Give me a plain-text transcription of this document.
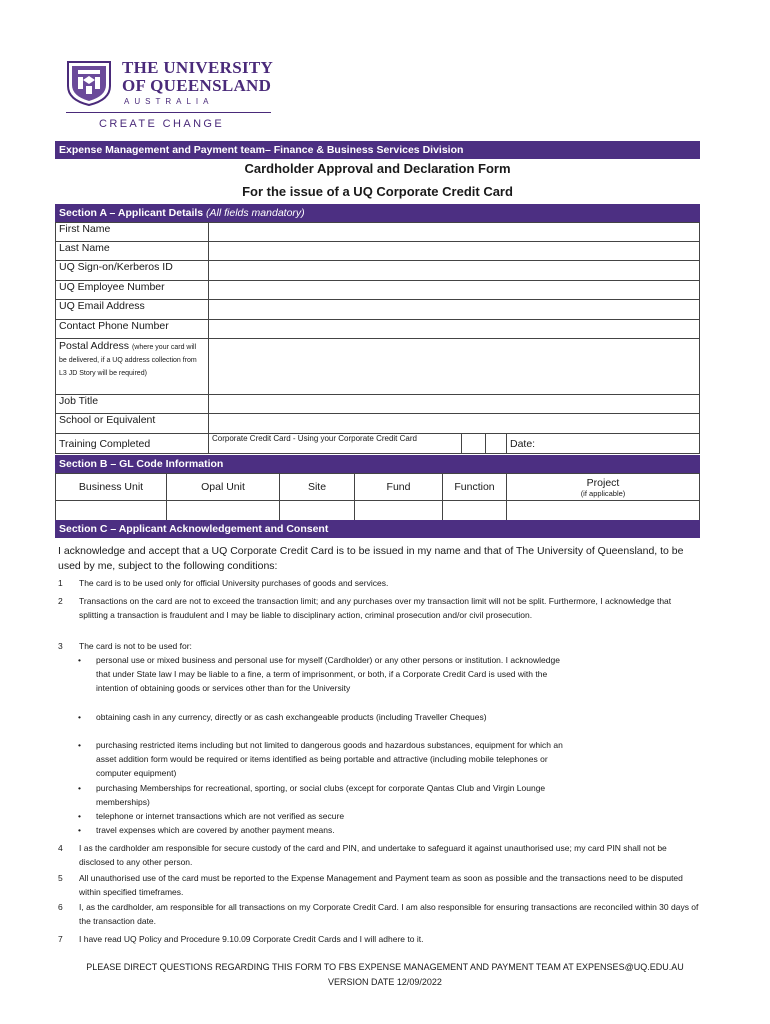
THE UNIVERSITY
OF QUEENSLAND
AUSTRALIA
CREATE CHANGE
Expense Management and Payment team– Finance & Business Services Division
Cardholder Approval and Declaration Form
For the issue of a UQ Corporate Credit Card
Section A – Applicant Details (All fields mandatory)
First Name				
Last Name				
UQ Sign-on/Kerberos ID				
UQ Employee Number				
UQ Email Address				
Contact Phone Number				
Postal Address (where your card will be delivered, if a UQ address collection from L3 JD Story will be required)				
Job Title				
School or Equivalent				
Training Completed	Corporate Credit Card - Using your Corporate Credit Card			Date:
Section B – GL Code Information
Business Unit	Opal Unit	Site	Fund	Function	Project
(if applicable)

Section C – Applicant Acknowledgement and Consent
I acknowledge and accept that a UQ Corporate Credit Card is to be issued in my name and that of The University of Queensland, to be used by me, subject to the following conditions:
1	The card is to be used only for official University purchases of goods and services.
2	Transactions on the card are not to exceed the transaction limit; and any purchases over my transaction limit will not be split. Furthermore, I acknowledge that splitting a transaction is fraudulent and I may be liable to disciplinary action, criminal prosecution and/or civil prosecution.
3	The card is not to be used for:
• personal use or mixed business and personal use for myself (Cardholder) or any other persons or institution. I acknowledge that under State law I may be liable to a fine, a term of imprisonment, or both, if a Corporate Credit Card is used with the intention of obtaining goods or services other than for the University
• obtaining cash in any currency, directly or as cash exchangeable products (including Traveller Cheques)
• purchasing restricted items including but not limited to dangerous goods and hazardous substances, equipment for which an asset addition form would be required or items identified as being portable and attractive (including mobile telephones or computer equipment)
• purchasing Memberships for recreational, sporting, or social clubs (except for corporate Qantas Club and Virgin Lounge memberships)
• telephone or internet transactions which are not verified as secure
• travel expenses which are covered by another payment means.
4	I as the cardholder am responsible for secure custody of the card and PIN, and undertake to safeguard it against unauthorised use; my card PIN shall not be disclosed to any other person.
5	All unauthorised use of the card must be reported to the Expense Management and Payment team as soon as possible and the transactions need to be disputed within specified timeframes.
6	I, as the cardholder, am responsible for all transactions on my Corporate Credit Card. I am also responsible for ensuring transactions are reconciled within 30 days of the transaction date.
7	I have read UQ Policy and Procedure 9.10.09 Corporate Credit Cards and I will adhere to it.
PLEASE DIRECT QUESTIONS REGARDING THIS FORM TO FBS EXPENSE MANAGEMENT AND PAYMENT TEAM AT EXPENSES@UQ.EDU.AU
VERSION DATE 12/09/2022
